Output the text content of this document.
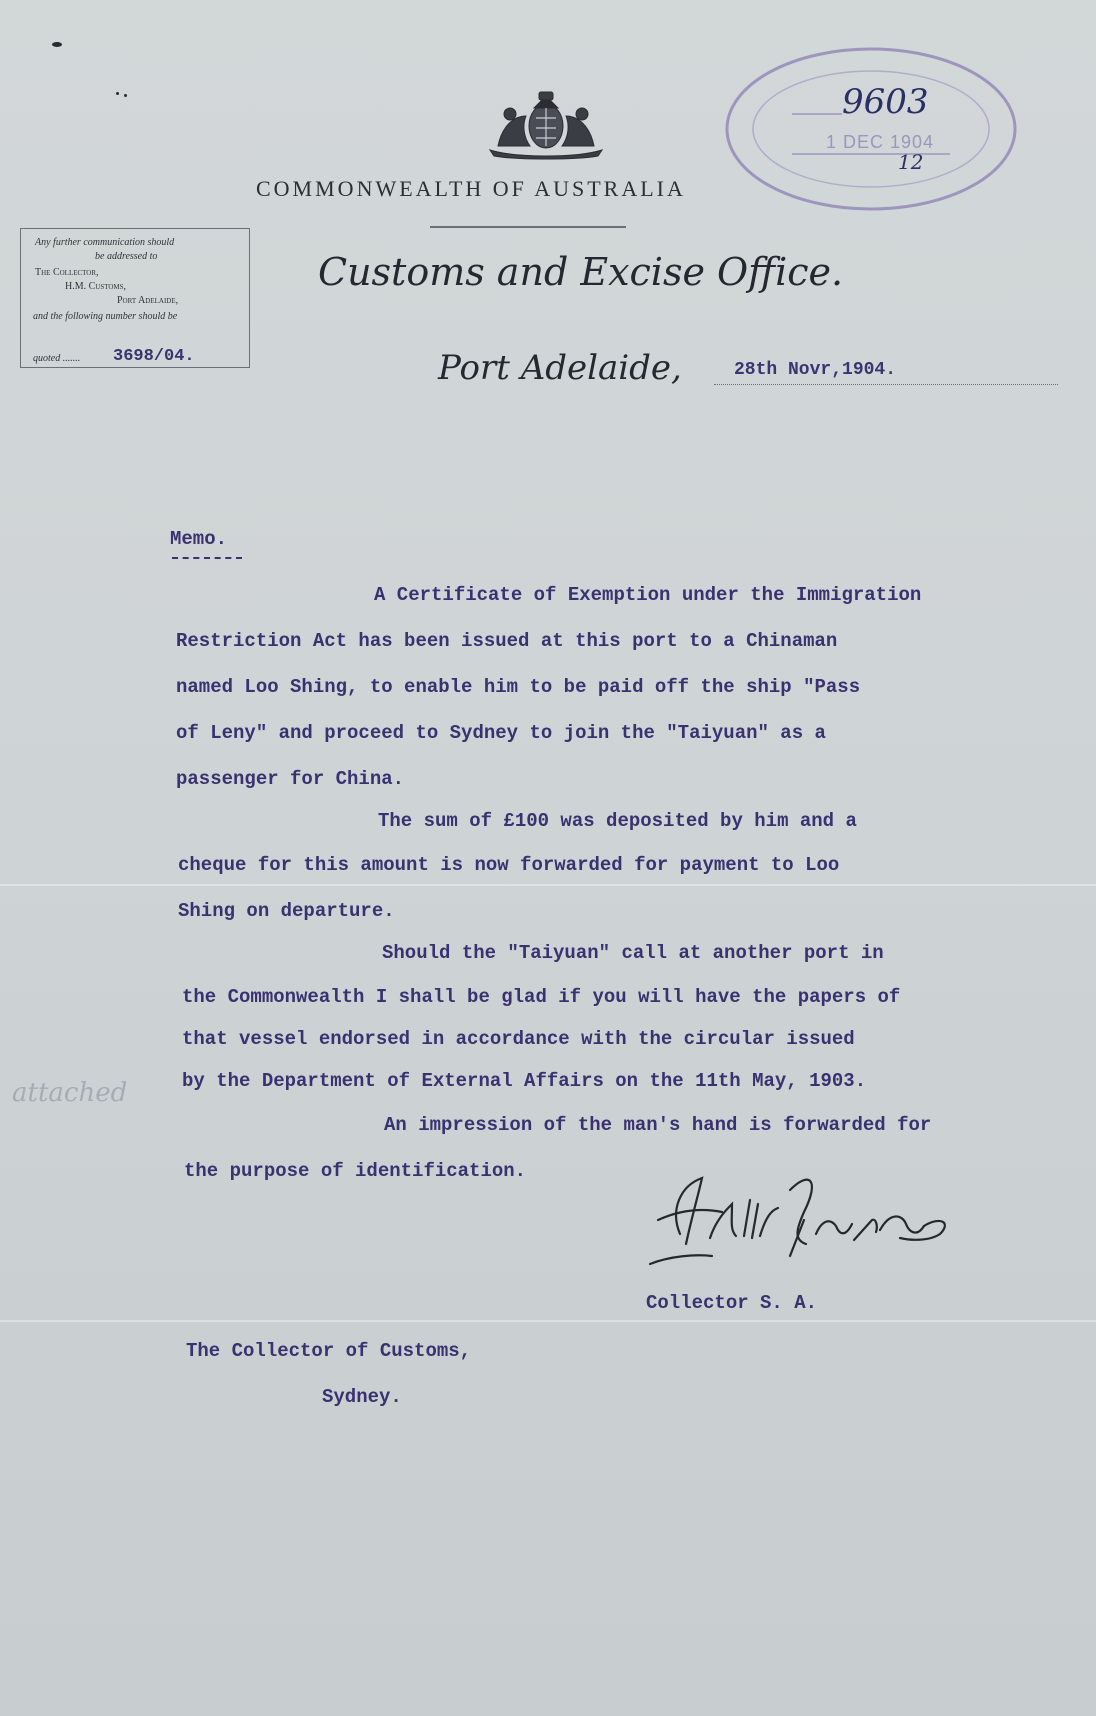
COMMONWEALTH OF AUSTRALIA
9603
1 DEC 1904
12
Any further communication should
be addressed to
The Collector,
H.M. Customs,
Port Adelaide,
and the following number should be
quoted ....... 3698/04.
Customs and Excise Office.
Port Adelaide,	28th Novr,1904.
Memo.
A Certificate of Exemption under the Immigration
Restriction Act has been issued at this port to a Chinaman
named Loo Shing, to enable him to be paid off the ship "Pass
of Leny" and proceed to Sydney to join the "Taiyuan" as a
passenger for China.
The sum of £100 was deposited by him and a
cheque for this amount is now forwarded for payment to Loo
Shing on departure.
Should the "Taiyuan" call at another port in
the Commonwealth I shall be glad if you will have the papers of
that vessel endorsed in accordance with the circular issued
by the Department of External Affairs on the 11th May, 1903.
An impression of the man's hand is forwarded for
the purpose of identification.
attached
Collector S. A.
The Collector of Customs,
Sydney.
